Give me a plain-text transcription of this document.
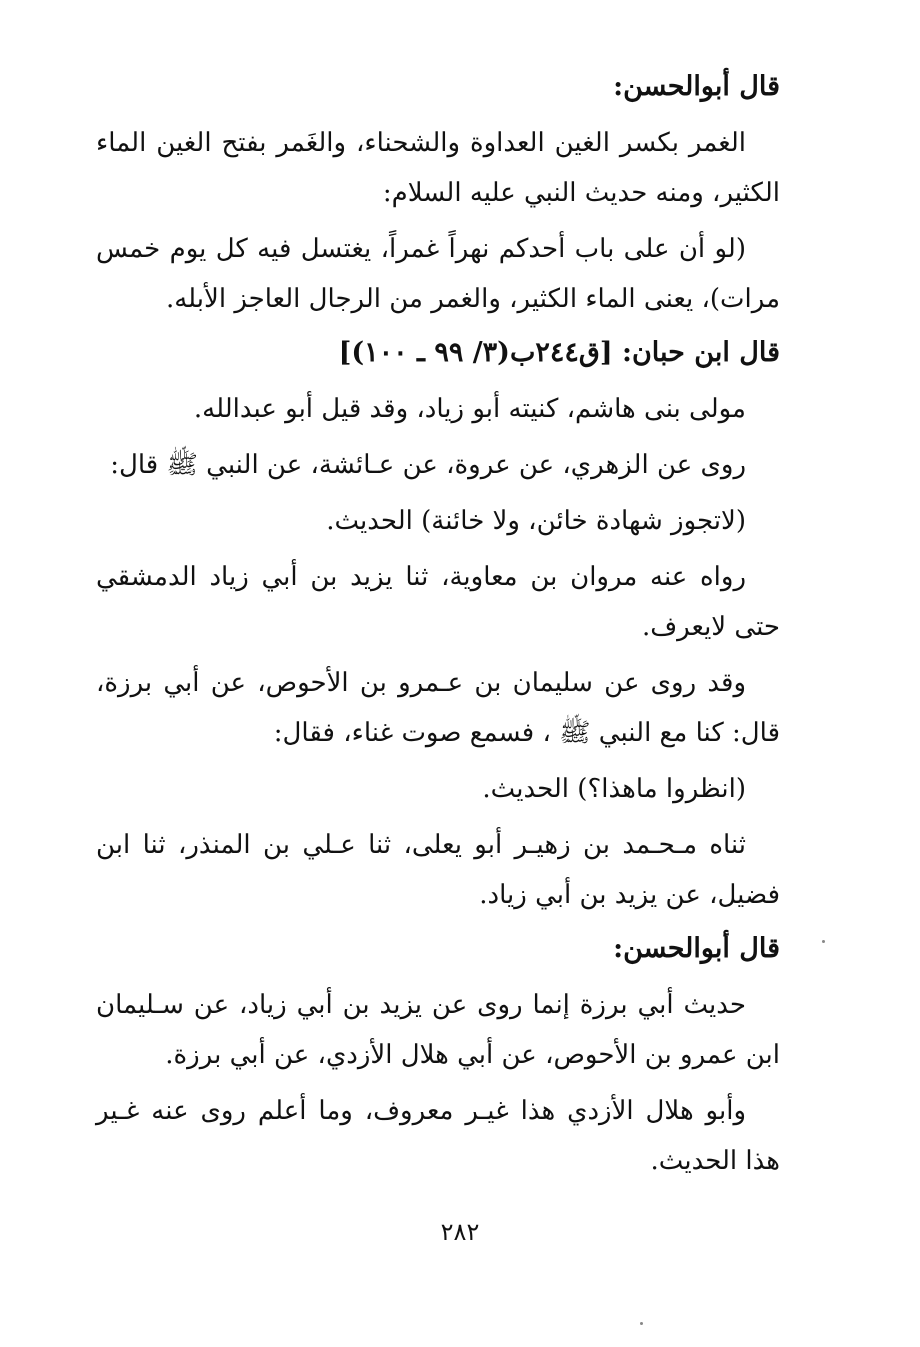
قال أبوالحسن:

الغمر بكسر الغين العداوة والشحناء، والغَمر بفتح الغين الماء الكثير، ومنه حديث النبي عليه السلام:

(لو أن على باب أحدكم نهراً غمراً، يغتسل فيه كل يوم خمس مرات)، يعنى الماء الكثير، والغمر من الرجال العاجز الأبله.

قال ابن حبان: [ق٢٤٤ب(٣/ ٩٩ ـ ١٠٠)]

مولى بنى هاشم، كنيته أبو زياد، وقد قيل أبو عبدالله.

روى عن الزهري، عن عروة، عن عـائشة، عن النبي ﷺ قال:

(لاتجوز شهادة خائن، ولا خائنة) الحديث.

رواه عنه مروان بن معاوية، ثنا يزيد بن أبي زياد الدمشقي حتى لايعرف.

وقد روى عن سليمان بن عـمرو بن الأحوص، عن أبي برزة، قال: كنا مع النبي ﷺ ، فسمع صوت غناء، فقال:

(انظروا ماهذا؟) الحديث.

ثناه مـحـمد بن زهيـر أبو يعلى، ثنا عـلي بن المنذر، ثنا ابن فضيل، عن يزيد بن أبي زياد.

قال أبوالحسن:

حديث أبي برزة إنما روى عن يزيد بن أبي زياد، عن سـليمان ابن عمرو بن الأحوص، عن أبي هلال الأزدي، عن أبي برزة.

وأبو هلال الأزدي هذا غيـر معروف، وما أعلم روى عنه غـير هذا الحديث.

٢٨٢
